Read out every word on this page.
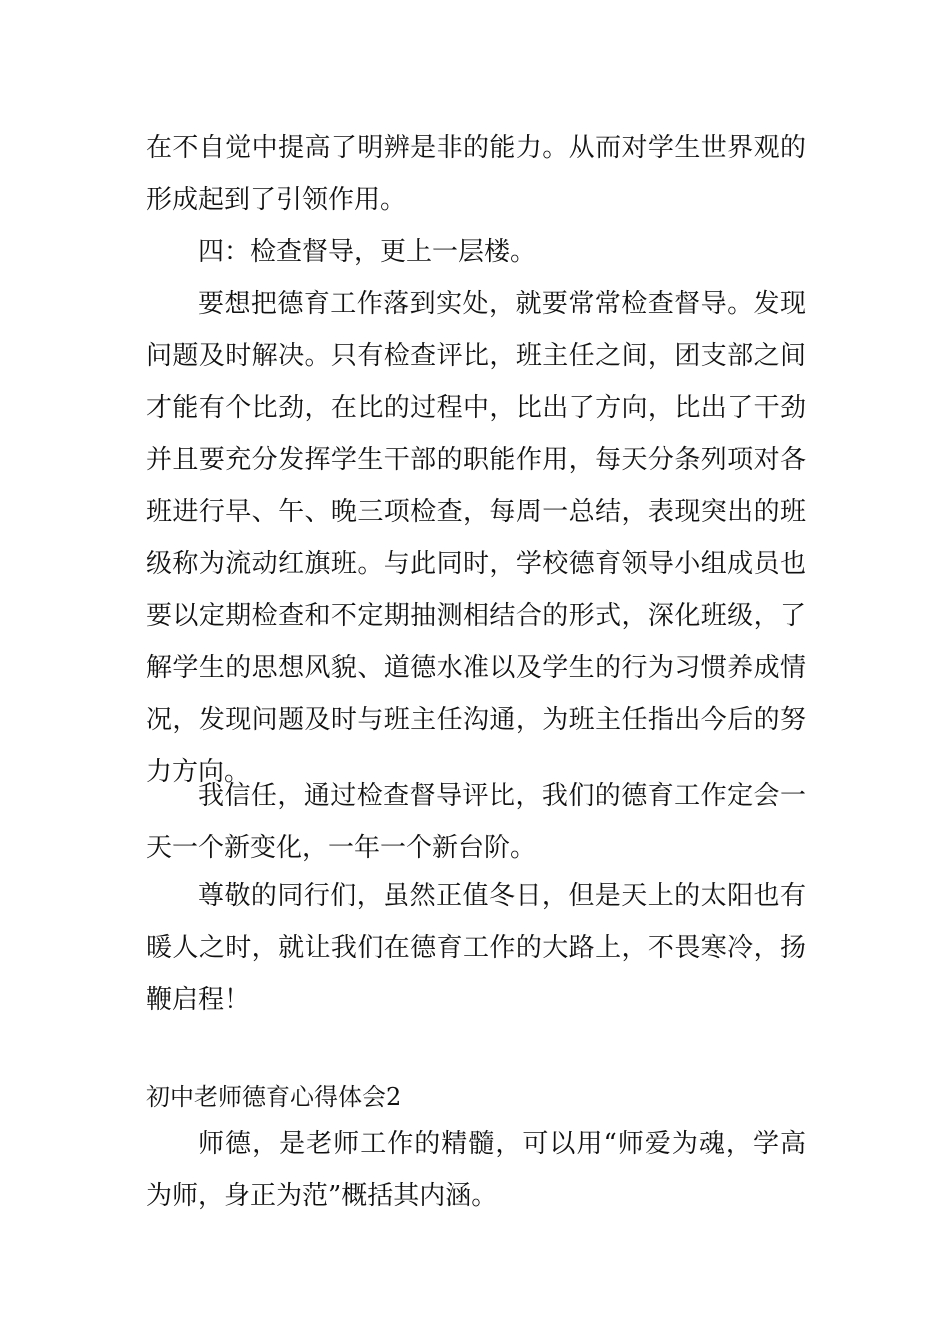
在不自觉中提高了明辨是非的能力。从而对学生世界观的形成起到了引领作用。

四：检查督导，更上一层楼。

要想把德育工作落到实处，就要常常检查督导。发现问题及时解决。只有检查评比，班主任之间，团支部之间才能有个比劲，在比的过程中，比出了方向，比出了干劲并且要充分发挥学生干部的职能作用，每天分条列项对各班进行早、午、晚三项检查，每周一总结，表现突出的班级称为流动红旗班。与此同时，学校德育领导小组成员也要以定期检查和不定期抽测相结合的形式，深化班级，了解学生的思想风貌、道德水准以及学生的行为习惯养成情况，发现问题及时与班主任沟通，为班主任指出今后的努力方向。

我信任，通过检查督导评比，我们的德育工作定会一天一个新变化，一年一个新台阶。

尊敬的同行们，虽然正值冬日，但是天上的太阳也有暖人之时，就让我们在德育工作的大路上，不畏寒冷，扬鞭启程！

初中老师德育心得体会2

师德，是老师工作的精髓，可以用“师爱为魂，学高为师，身正为范”概括其内涵。
